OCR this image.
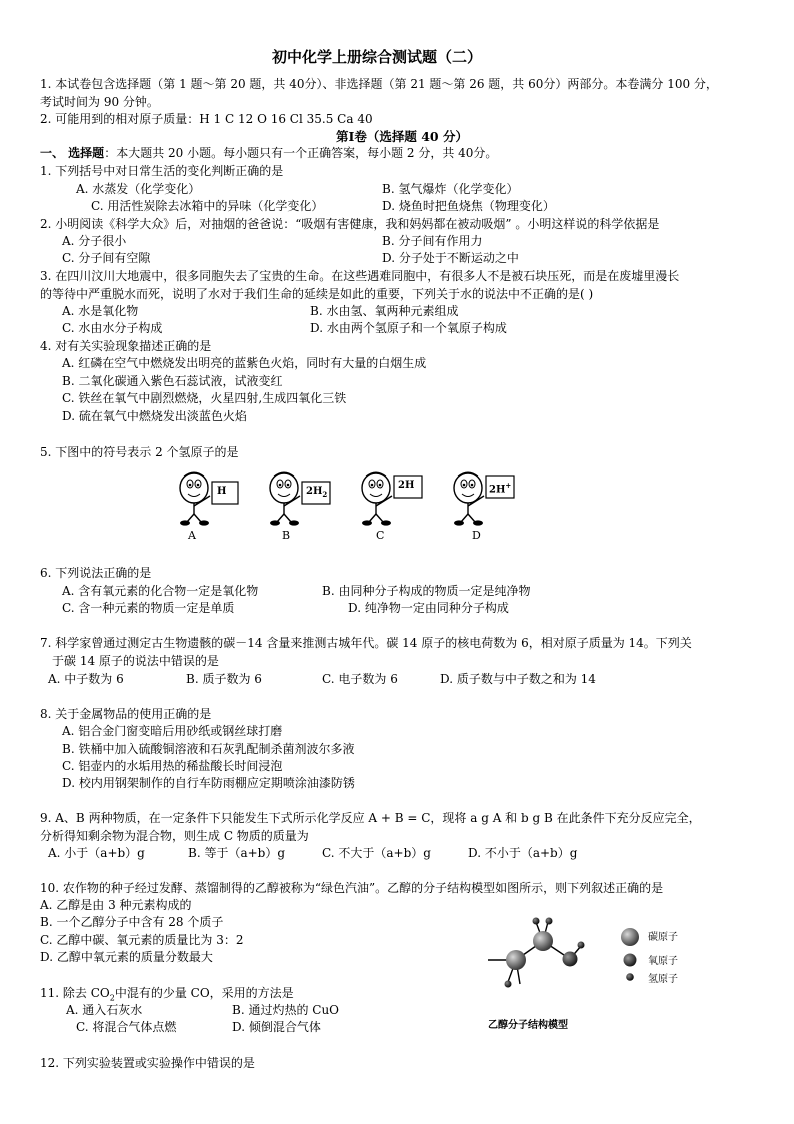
初中化学上册综合测试题（二）
1. 本试卷包含选择题（第 1 题～第 20 题，共 40分）、非选择题（第 21 题～第 26 题，共 60分）两部分。本卷满分 100 分，
考试时间为 90 分钟。
2. 可能用到的相对原子质量：H 1 C 12 O 16 Cl 35.5 Ca 40
第Ⅰ卷（选择题 40 分）
一、 选择题：本大题共 20 小题。每小题只有一个正确答案，每小题 2 分，共 40分。
1. 下列括号中对日常生活的变化判断正确的是
A. 水蒸发（化学变化）	B. 氢气爆炸（化学变化）
C. 用活性炭除去冰箱中的异味（化学变化）	D. 烧鱼时把鱼烧焦（物理变化）
2. 小明阅读《科学大众》后，对抽烟的爸爸说：“吸烟有害健康，我和妈妈都在被动吸烟” 。小明这样说的科学依据是
A. 分子很小	B. 分子间有作用力
C. 分子间有空隙	D. 分子处于不断运动之中
3. 在四川汶川大地震中，很多同胞失去了宝贵的生命。在这些遇难同胞中，有很多人不是被石块压死，而是在废墟里漫长
的等待中严重脱水而死，说明了水对于我们生命的延续是如此的重要，下列关于水的说法中不正确的是( )
A. 水是氧化物	B. 水由氢、氧两种元素组成
C. 水由水分子构成	D. 水由两个氢原子和一个氧原子构成
4. 对有关实验现象描述正确的是
A. 红磷在空气中燃烧发出明亮的蓝紫色火焰，同时有大量的白烟生成
B. 二氧化碳通入紫色石蕊试液，试液变红
C. 铁丝在氧气中剧烈燃烧，火星四射,生成四氧化三铁
D. 硫在氧气中燃烧发出淡蓝色火焰
5. 下图中的符号表示 2 个氢原子的是
H	$2H_2$
2H	2H+
A	B	C	D
6. 下列说法正确的是
A. 含有氧元素的化合物一定是氧化物	B. 由同种分子构成的物质一定是纯净物
C. 含一种元素的物质一定是单质	D. 纯净物一定由同种分子构成
7. 科学家曾通过测定古生物遗骸的碳－14 含量来推测古城年代。碳 14 原子的核电荷数为 6，相对原子质量为 14。下列关
于碳 14 原子的说法中错误的是
A. 中子数为 6	B. 质子数为 6	C. 电子数为 6	D. 质子数与中子数之和为 14
8. 关于金属物品的使用正确的是
A. 铝合金门窗变暗后用砂纸或钢丝球打磨
B. 铁桶中加入硫酸铜溶液和石灰乳配制杀菌剂波尔多液
C. 铝壶内的水垢用热的稀盐酸长时间浸泡
D. 校内用钢架制作的自行车防雨棚应定期喷涂油漆防锈
9. A、B 两种物质，在一定条件下只能发生下式所示化学反应 A + B = C，现将 a g A 和 b g B 在此条件下充分反应完全，
分析得知剩余物为混合物，则生成 C 物质的质量为
A. 小于（a+b）g	B. 等于（a+b）g	C. 不大于（a+b）g	D. 不小于（a+b）g
10. 农作物的种子经过发酵、蒸馏制得的乙醇被称为“绿色汽油”。乙醇的分子结构模型如图所示，则下列叙述正确的是
A. 乙醇是由 3 种元素构成的
B. 一个乙醇分子中含有 28 个质子
C. 乙醇中碳、氧元素的质量比为 3：2
D. 乙醇中氧元素的质量分数最大
碳原子
氧原子
氢原子
乙醇分子结构模型
11. 除去 $CO_2$中混有的少量 CO，采用的方法是
A. 通入石灰水	B. 通过灼热的 CuO
C. 将混合气体点燃	D. 倾倒混合气体
12. 下列实验装置或实验操作中错误的是
